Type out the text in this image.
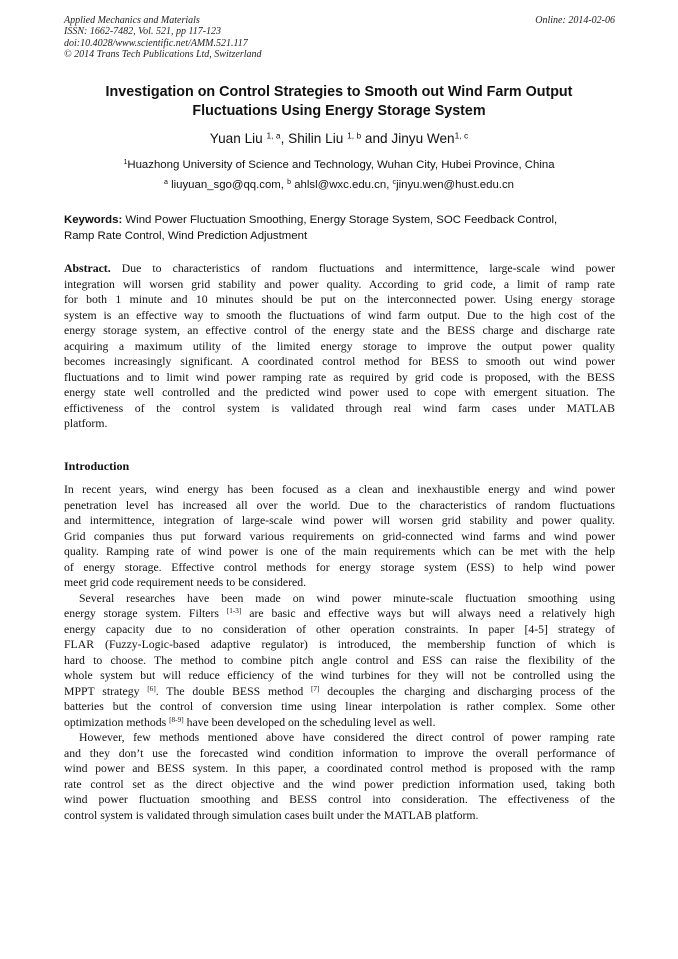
Applied Mechanics and Materials
ISSN: 1662-7482, Vol. 521, pp 117-123
doi:10.4028/www.scientific.net/AMM.521.117
© 2014 Trans Tech Publications Ltd, Switzerland
Online: 2014-02-06
Investigation on Control Strategies to Smooth out Wind Farm Output
Fluctuations Using Energy Storage System
Yuan Liu $^{1, a}$, Shilin Liu $^{1, b}$ and Jinyu Wen$^{1, c}$
$^1$Huazhong University of Science and Technology, Wuhan City, Hubei Province, China
$^a$ liuyuan_sgo@qq.com, $^b$ ahlsl@wxc.edu.cn, $^c$jinyu.wen@hust.edu.cn
Keywords: Wind Power Fluctuation Smoothing, Energy Storage System, SOC Feedback Control,
Ramp Rate Control, Wind Prediction Adjustment
Abstract. Due to characteristics of random fluctuations and intermittence, large-scale wind power
integration will worsen grid stability and power quality. According to grid code, a limit of ramp rate
for both 1 minute and 10 minutes should be put on the interconnected power. Using energy storage
system is an effective way to smooth the fluctuations of wind farm output. Due to the high cost of the
energy storage system, an effective control of the energy state and the BESS charge and discharge rate
acquiring a maximum utility of the limited energy storage to improve the output power quality
becomes increasingly significant. A coordinated control method for BESS to smooth out wind power
fluctuations and to limit wind power ramping rate as required by grid code is proposed, with the BESS
energy state well controlled and the predicted wind power used to cope with emergent situation. The
effictiveness of the control system is validated through real wind farm cases under MATLAB
platform.
Introduction
In recent years, wind energy has been focused as a clean and inexhaustible energy and wind power
penetration level has increased all over the world. Due to the characteristics of random fluctuations
and intermittence, integration of large-scale wind power will worsen grid stability and power quality.
Grid companies thus put forward various requirements on grid-connected wind farms and wind power
quality. Ramping rate of wind power is one of the main requirements which can be met with the help
of energy storage. Effective control methods for energy storage system (ESS) to help wind power
meet grid code requirement needs to be considered.
Several researches have been made on wind power minute-scale fluctuation smoothing using
energy storage system. Filters [1-3] are basic and effective ways but will always need a relatively high
energy capacity due to no consideration of other operation constraints. In paper [4-5] strategy of
FLAR (Fuzzy-Logic-based adaptive regulator) is introduced, the membership function of which is
hard to choose. The method to combine pitch angle control and ESS can raise the flexibility of the
whole system but will reduce efficiency of the wind turbines for they will not be controlled using the
MPPT strategy [6]. The double BESS method [7] decouples the charging and discharging process of the
batteries but the control of conversion time using linear interpolation is rather complex. Some other
optimization methods [8-9] have been developed on the scheduling level as well.
However, few methods mentioned above have considered the direct control of power ramping rate
and they don’t use the forecasted wind condition information to improve the overall performance of
wind power and BESS system. In this paper, a coordinated control method is proposed with the ramp
rate control set as the direct objective and the wind power prediction information used, taking both
wind power fluctuation smoothing and BESS control into consideration. The effectiveness of the
control system is validated through simulation cases built under the MATLAB platform.
